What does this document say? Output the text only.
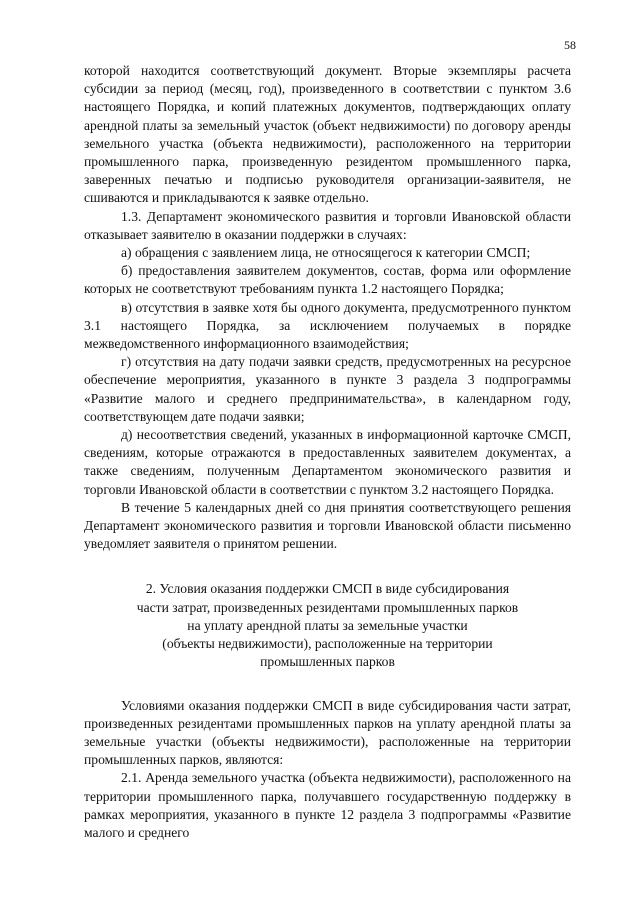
58

которой находится соответствующий документ. Вторые экземпляры расчета субсидии за период (месяц, год), произведенного в соответствии с пунктом 3.6 настоящего Порядка, и копий платежных документов, подтверждающих оплату арендной платы за земельный участок (объект недвижимости) по договору аренды земельного участка (объекта недвижимости), расположенного на территории промышленного парка, произведенную резидентом промышленного парка, заверенных печатью и подписью руководителя организации-заявителя, не сшиваются и прикладываются к заявке отдельно.

1.3. Департамент экономического развития и торговли Ивановской области отказывает заявителю в оказании поддержки в случаях:

а) обращения с заявлением лица, не относящегося к категории СМСП;

б) предоставления заявителем документов, состав, форма или оформление которых не соответствуют требованиям пункта 1.2 настоящего Порядка;

в) отсутствия в заявке хотя бы одного документа, предусмотренного пунктом 3.1 настоящего Порядка, за исключением получаемых в порядке межведомственного информационного взаимодействия;

г) отсутствия на дату подачи заявки средств, предусмотренных на ресурсное обеспечение мероприятия, указанного в пункте 3 раздела 3 подпрограммы «Развитие малого и среднего предпринимательства», в календарном году, соответствующем дате подачи заявки;

д) несоответствия сведений, указанных в информационной карточке СМСП, сведениям, которые отражаются в предоставленных заявителем документах, а также сведениям, полученным Департаментом экономического развития и торговли Ивановской области в соответствии с пунктом 3.2 настоящего Порядка.

В течение 5 календарных дней со дня принятия соответствующего решения Департамент экономического развития и торговли Ивановской области письменно уведомляет заявителя о принятом решении.

2. Условия оказания поддержки СМСП в виде субсидирования
части затрат, произведенных резидентами промышленных парков
на уплату арендной платы за земельные участки
(объекты недвижимости), расположенные на территории
промышленных парков

Условиями оказания поддержки СМСП в виде субсидирования части затрат, произведенных резидентами промышленных парков на уплату арендной платы за земельные участки (объекты недвижимости), расположенные на территории промышленных парков, являются:

2.1. Аренда земельного участка (объекта недвижимости), расположенного на территории промышленного парка, получавшего государственную поддержку в рамках мероприятия, указанного в пункте 12 раздела 3 подпрограммы «Развитие малого и среднего
